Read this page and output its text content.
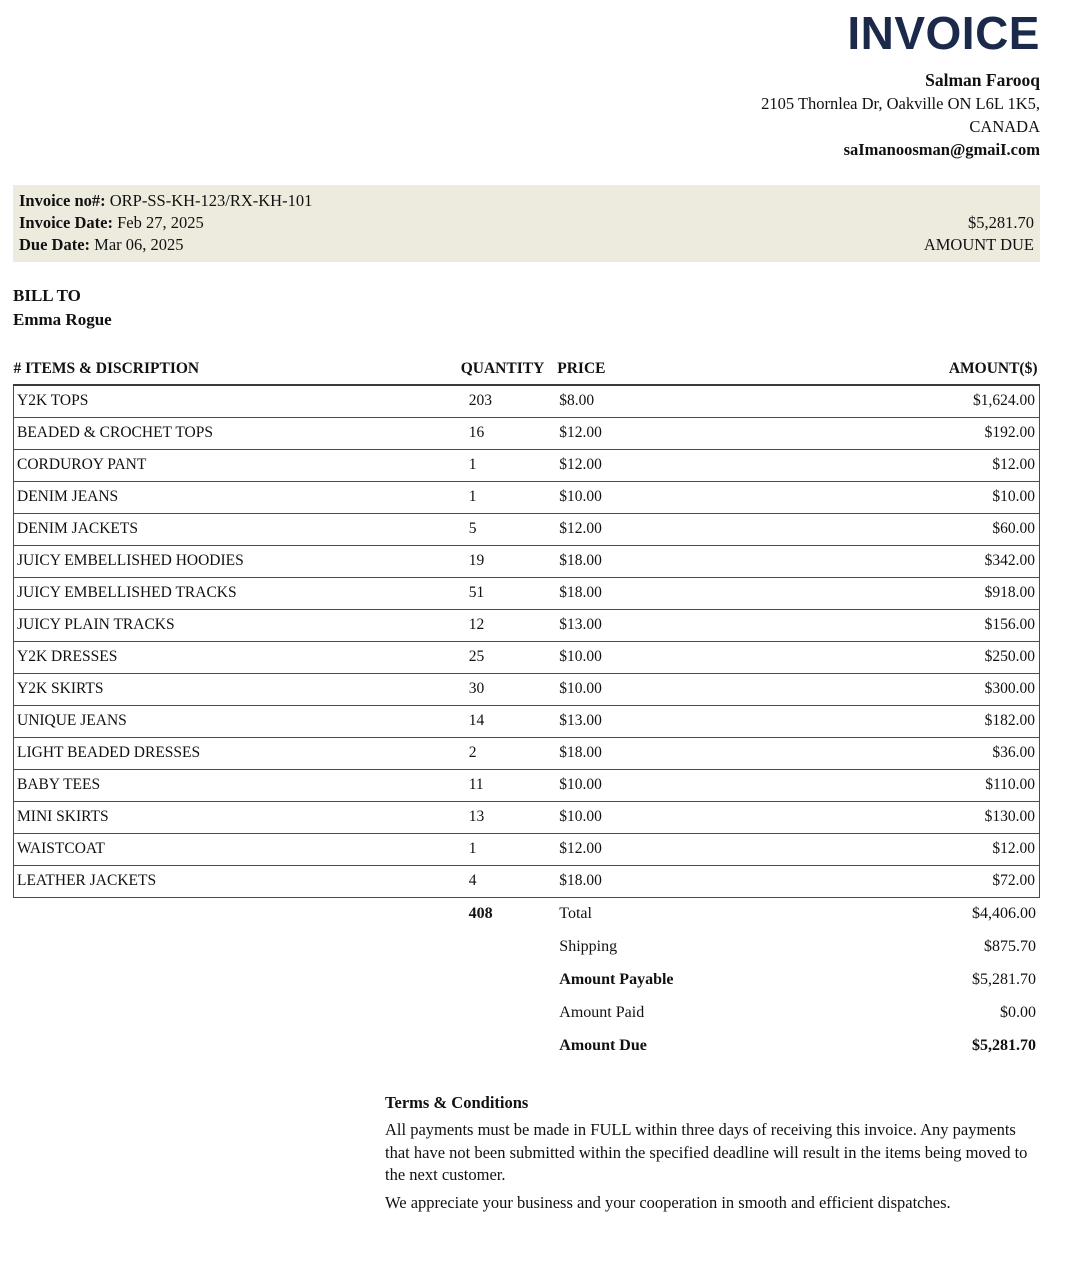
INVOICE
Salman Farooq
2105 Thornlea Dr, Oakville ON L6L 1K5,
CANADA
saImanoosman@gmaiI.com
Invoice no#: ORP-SS-KH-123/RX-KH-101
Invoice Date: Feb 27, 2025
Due Date: Mar 06, 2025
$5,281.70
AMOUNT DUE
BILL TO
Emma Rogue
# ITEMS & DISCRIPTION	QUANTITY	PRICE	AMOUNT($)
Y2K TOPS	203	$8.00	$1,624.00
BEADED & CROCHET TOPS	16	$12.00	$192.00
CORDUROY PANT	1	$12.00	$12.00
DENIM JEANS	1	$10.00	$10.00
DENIM JACKETS	5	$12.00	$60.00
JUICY EMBELLISHED HOODIES	19	$18.00	$342.00
JUICY EMBELLISHED TRACKS	51	$18.00	$918.00
JUICY PLAIN TRACKS	12	$13.00	$156.00
Y2K DRESSES	25	$10.00	$250.00
Y2K SKIRTS	30	$10.00	$300.00
UNIQUE JEANS	14	$13.00	$182.00
LIGHT BEADED DRESSES	2	$18.00	$36.00
BABY TEES	11	$10.00	$110.00
MINI SKIRTS	13	$10.00	$130.00
WAISTCOAT	1	$12.00	$12.00
LEATHER JACKETS	4	$18.00	$72.00
	408	Total	$4,406.00
		Shipping	$875.70
		Amount Payable	$5,281.70
		Amount Paid	$0.00
		Amount Due	$5,281.70
Terms & Conditions

All payments must be made in FULL within three days of receiving this invoice. Any payments that have not been submitted within the specified deadline will result in the items being moved to the next customer.

We appreciate your business and your cooperation in smooth and efficient dispatches.
